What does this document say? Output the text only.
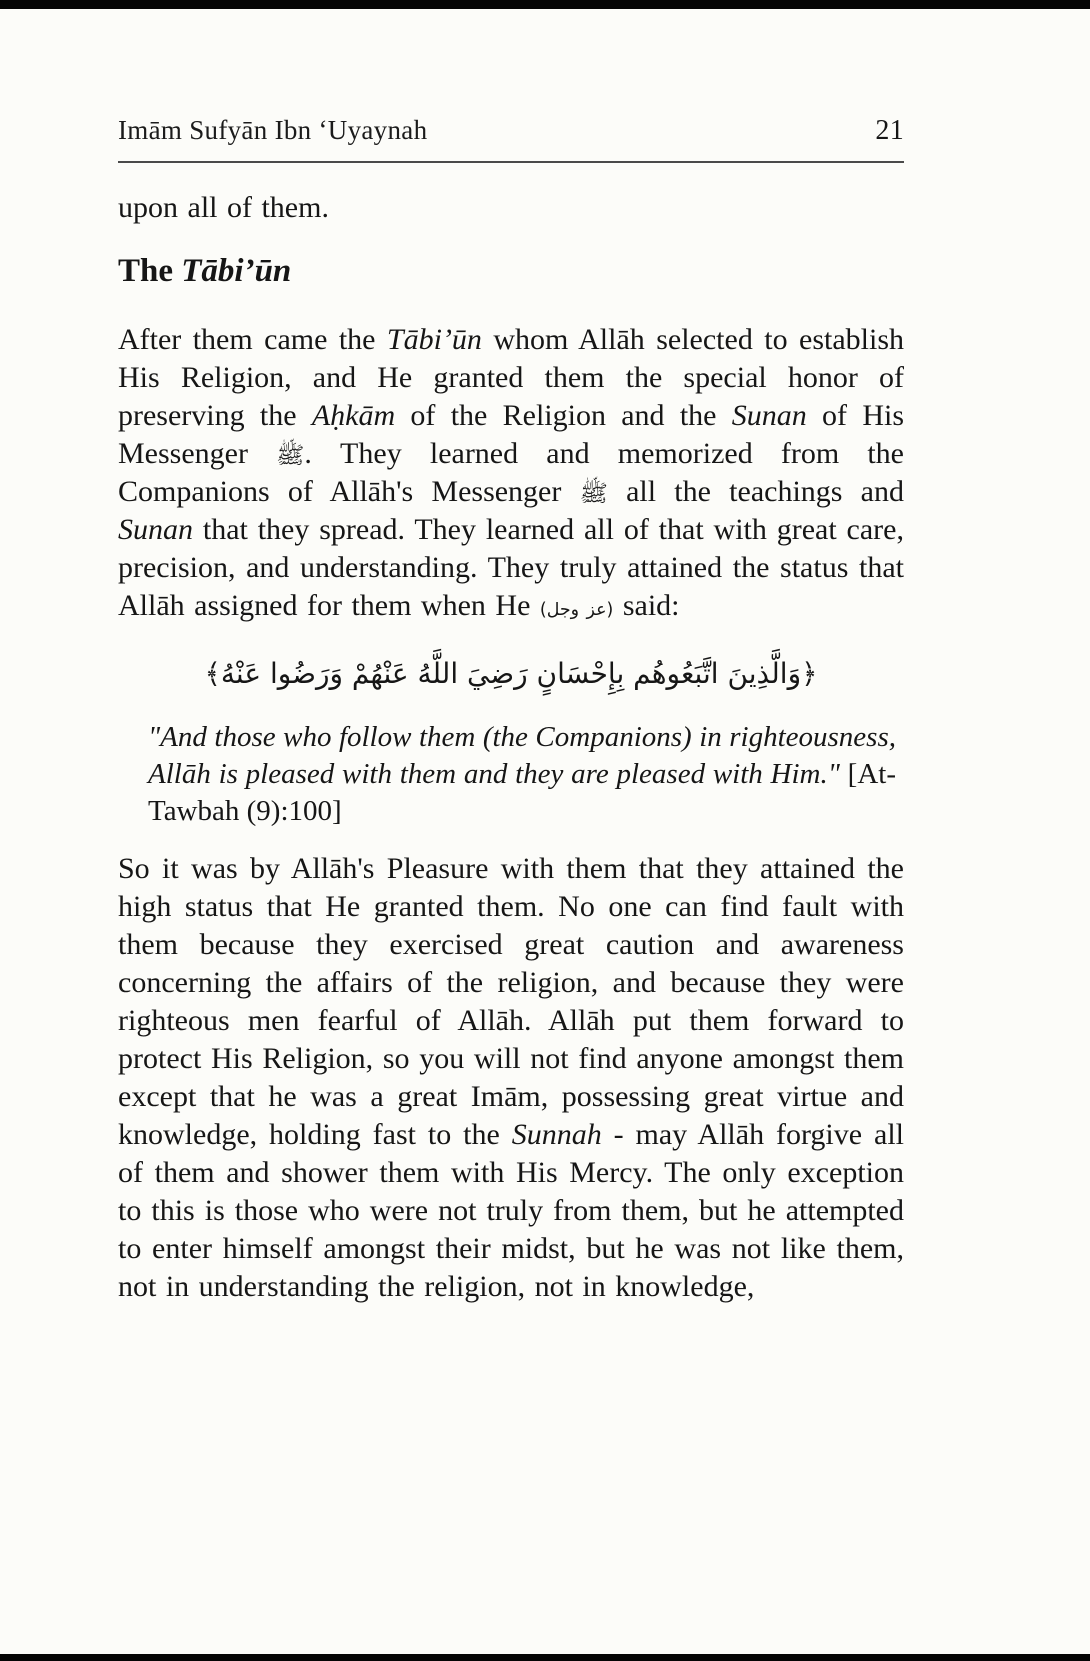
Imām Sufyān Ibn ‘Uyaynah	21

upon all of them.

The Tābi’ūn

After them came the Tābi’ūn whom Allāh selected to establish His Religion, and He granted them the special honor of preserving the Aḥkām of the Religion and the Sunan of His Messenger ﷺ. They learned and memorized from the Companions of Allāh's Messenger ﷺ all the teachings and Sunan that they spread. They learned all of that with great care, precision, and understanding. They truly attained the status that Allāh assigned for them when He (عز وجل) said:

﴿وَالَّذِينَ اتَّبَعُوهُم بِإِحْسَانٍ رَضِيَ اللَّهُ عَنْهُمْ وَرَضُوا عَنْهُ﴾

"And those who follow them (the Companions) in righteousness, Allāh is pleased with them and they are pleased with Him." [At-Tawbah (9):100]

So it was by Allāh's Pleasure with them that they attained the high status that He granted them. No one can find fault with them because they exercised great caution and awareness concerning the affairs of the religion, and because they were righteous men fearful of Allāh. Allāh put them forward to protect His Religion, so you will not find anyone amongst them except that he was a great Imām, possessing great virtue and knowledge, holding fast to the Sunnah - may Allāh forgive all of them and shower them with His Mercy. The only exception to this is those who were not truly from them, but he attempted to enter himself amongst their midst, but he was not like them, not in understanding the religion, not in knowledge,
